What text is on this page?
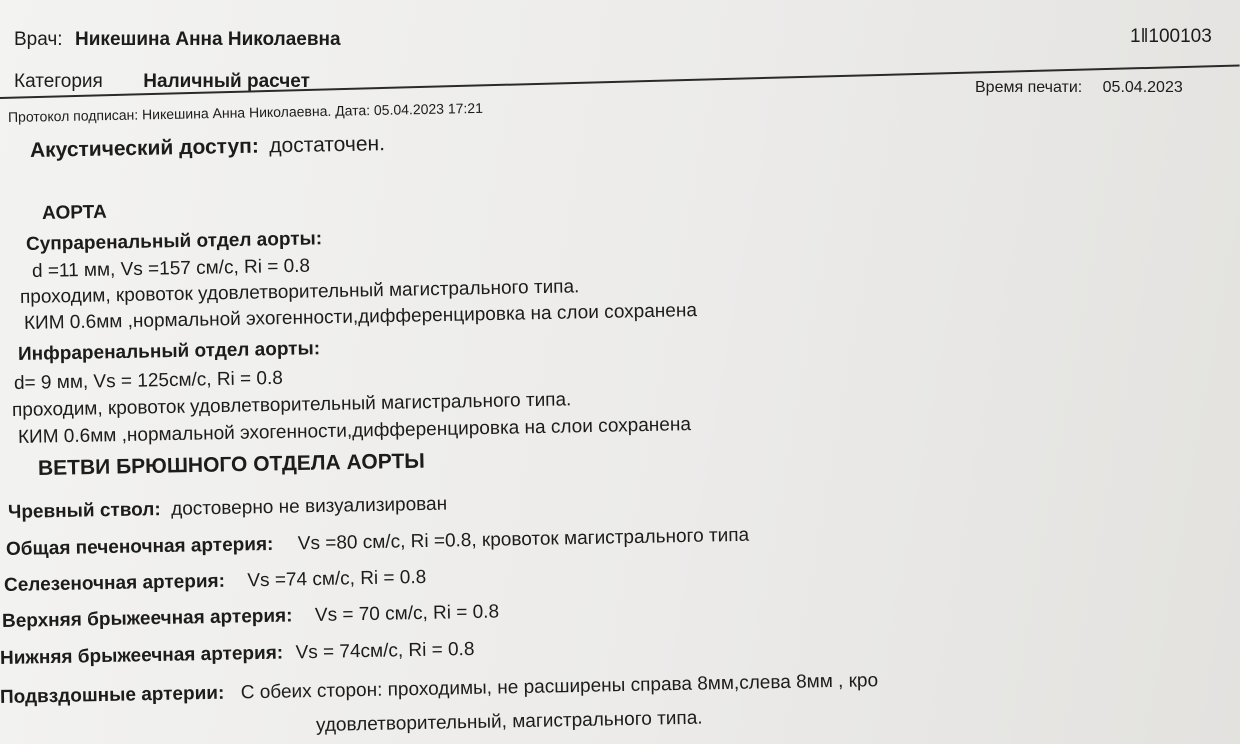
Врач: Никешина Анна Николаевна	1ǁ100103
Категория Наличный расчет	Время печати: 05.04.2023
Протокол подписан: Никешина Анна Николаевна. Дата: 05.04.2023 17:21
Акустический доступ: достаточен.
АОРТА
Супраренальный отдел аорты:
d =11 мм, Vs =157 см/с, Ri = 0.8
проходим, кровоток удовлетворительный магистрального типа.
КИМ 0.6мм ,нормальной эхогенности,дифференцировка на слои сохранена
Инфраренальный отдел аорты:
d= 9 мм, Vs = 125см/с, Ri = 0.8
проходим, кровоток удовлетворительный магистрального типа.
КИМ 0.6мм ,нормальной эхогенности,дифференцировка на слои сохранена
ВЕТВИ БРЮШНОГО ОТДЕЛА АОРТЫ
Чревный ствол: достоверно не визуализирован
Общая печеночная артерия: Vs =80 см/с, Ri =0.8, кровоток магистрального типа
Селезеночная артерия: Vs =74 см/с, Ri = 0.8
Верхняя брыжеечная артерия: Vs = 70 см/с, Ri = 0.8
Нижняя брыжеечная артерия: Vs = 74см/с, Ri = 0.8
Подвздошные артерии: С обеих сторон: проходимы, не расширены справа 8мм,слева 8мм , кро
удовлетворительный, магистрального типа.
